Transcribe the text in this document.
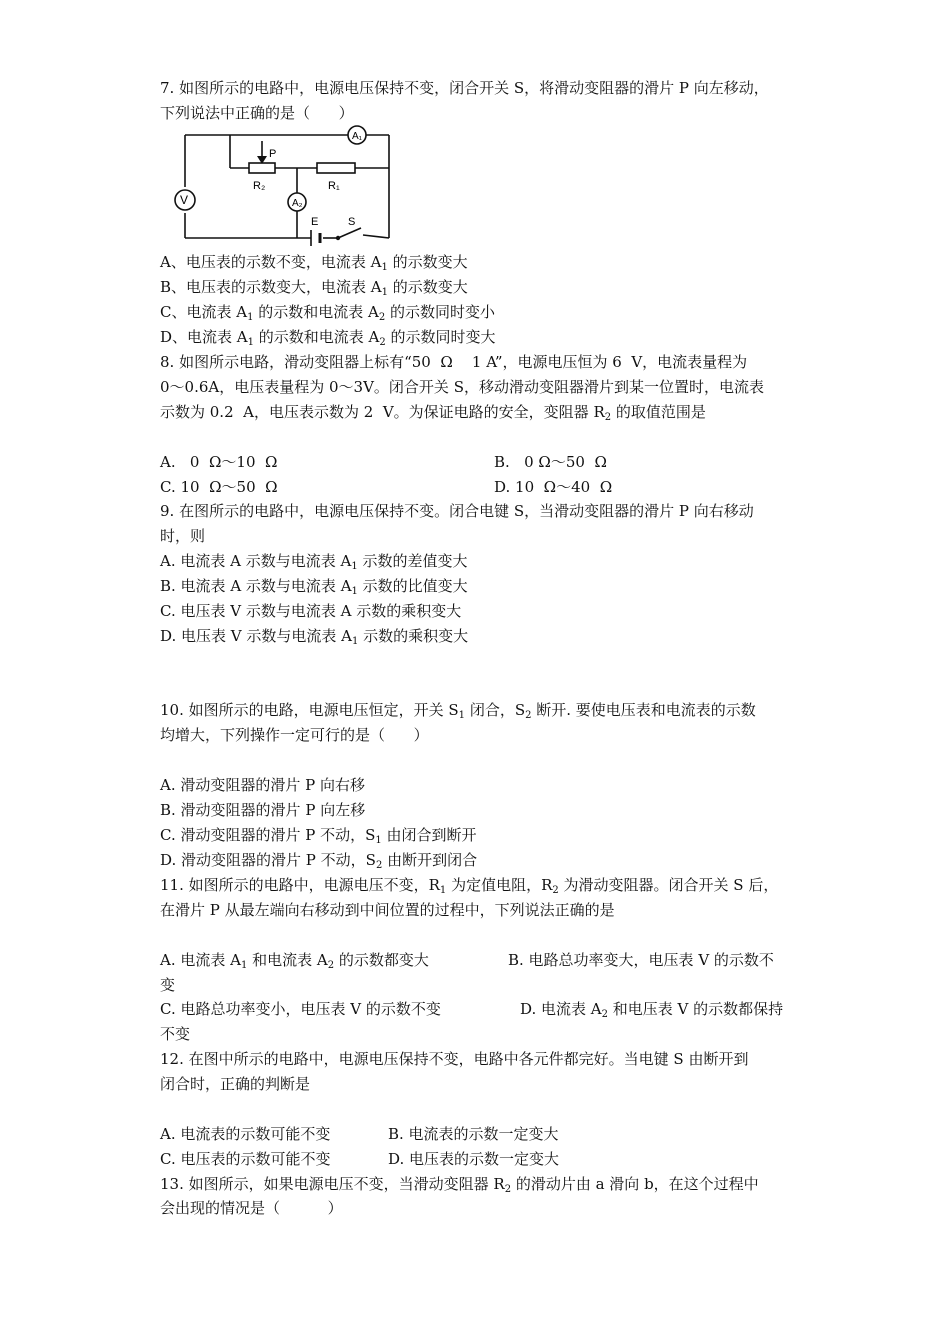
7. 如图所示的电路中，电源电压保持不变，闭合开关 S，将滑动变阻器的滑片 P 向左移动，
下列说法中正确的是（      ）
A₁
V	A₂
P
R₂	R₁
E	S
A、电压表的示数不变，电流表 $A_1$ 的示数变大
B、电压表的示数变大，电流表 $A_1$ 的示数变大
C、电流表 $A_1$ 的示数和电流表 $A_2$ 的示数同时变小
D、电流表 $A_1$ 的示数和电流表 $A_2$ 的示数同时变大
8. 如图所示电路，滑动变阻器上标有“50  Ω    1 A”，电源电压恒为 6  V，电流表量程为
0～0.6A，电压表量程为 0～3V。闭合开关 S，移动滑动变阻器滑片到某一位置时，电流表
示数为 0.2  A，电压表示数为 2  V。为保证电路的安全，变阻器 $R_2$ 的取值范围是
A.   0  Ω～10  Ω	B.   0 Ω～50  Ω
C. 10  Ω～50  Ω	D. 10  Ω～40  Ω
9. 在图所示的电路中，电源电压保持不变。闭合电键 S，当滑动变阻器的滑片 P 向右移动
时，则
A. 电流表 A 示数与电流表 $A_1$ 示数的差值变大
B. 电流表 A 示数与电流表 $A_1$ 示数的比值变大
C. 电压表 V 示数与电流表 A 示数的乘积变大
D. 电压表 V 示数与电流表 $A_1$ 示数的乘积变大
10. 如图所示的电路，电源电压恒定，开关 $S_1$ 闭合，$S_2$ 断开. 要使电压表和电流表的示数
均增大，下列操作一定可行的是（      ）
A. 滑动变阻器的滑片 P 向右移
B. 滑动变阻器的滑片 P 向左移
C. 滑动变阻器的滑片 P 不动，$S_1$ 由闭合到断开
D. 滑动变阻器的滑片 P 不动，$S_2$ 由断开到闭合
11. 如图所示的电路中，电源电压不变，$R_1$ 为定值电阻，$R_2$ 为滑动变阻器。闭合开关 S 后，
在滑片 P 从最左端向右移动到中间位置的过程中，下列说法正确的是
A. 电流表 $A_1$ 和电流表 $A_2$ 的示数都变大	B. 电路总功率变大，电压表 V 的示数不
变
C. 电路总功率变小，电压表 V 的示数不变	D. 电流表 $A_2$ 和电压表 V 的示数都保持
不变
12. 在图中所示的电路中，电源电压保持不变，电路中各元件都完好。当电键 S 由断开到
闭合时，正确的判断是
A. 电流表的示数可能不变	B. 电流表的示数一定变大
C. 电压表的示数可能不变	D. 电压表的示数一定变大
13. 如图所示，如果电源电压不变，当滑动变阻器 $R_2$ 的滑动片由 a 滑向 b，在这个过程中
会出现的情况是（          ）
